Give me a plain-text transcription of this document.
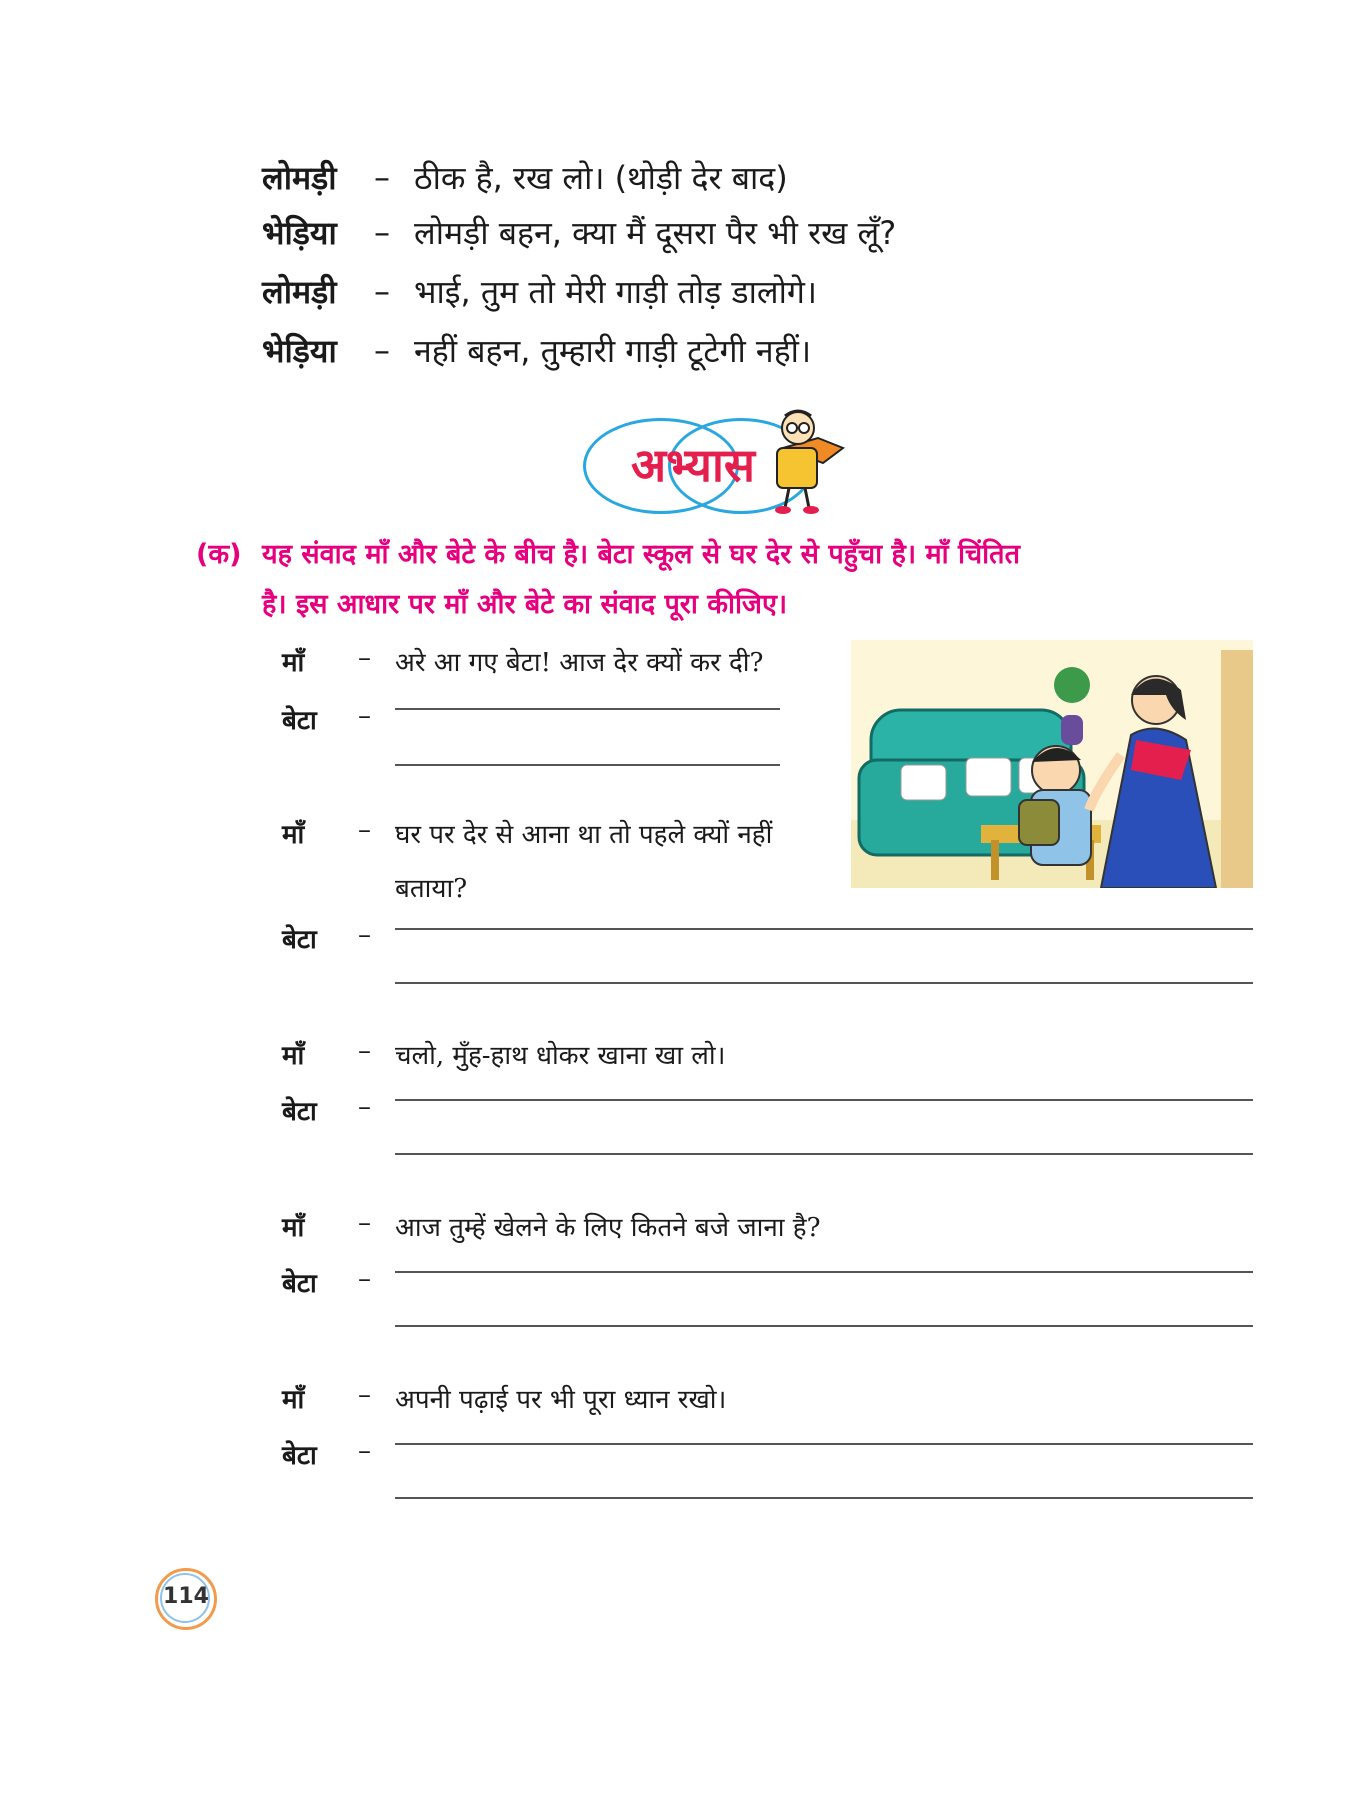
लोमड़ी	– ठीक है, रख लो। (थोड़ी देर बाद)
भेड़िया	– लोमड़ी बहन, क्या मैं दूसरा पैर भी रख लूँ?
लोमड़ी	– भाई, तुम तो मेरी गाड़ी तोड़ डालोगे।
भेड़िया	– नहीं बहन, तुम्हारी गाड़ी टूटेगी नहीं।
अभ्यास
(क) यह संवाद माँ और बेटे के बीच है। बेटा स्कूल से घर देर से पहुँचा है। माँ चिंतित
है। इस आधार पर माँ और बेटे का संवाद पूरा कीजिए।
माँ – अरे आ गए बेटा! आज देर क्यों कर दी?
बेटा –
माँ – घर पर देर से आना था तो पहले क्यों नहीं
बताया?
बेटा –
माँ – चलो, मुँह-हाथ धोकर खाना खा लो।
बेटा –
माँ – आज तुम्हें खेलने के लिए कितने बजे जाना है?
बेटा –
माँ – अपनी पढ़ाई पर भी पूरा ध्यान रखो।
बेटा –
114
